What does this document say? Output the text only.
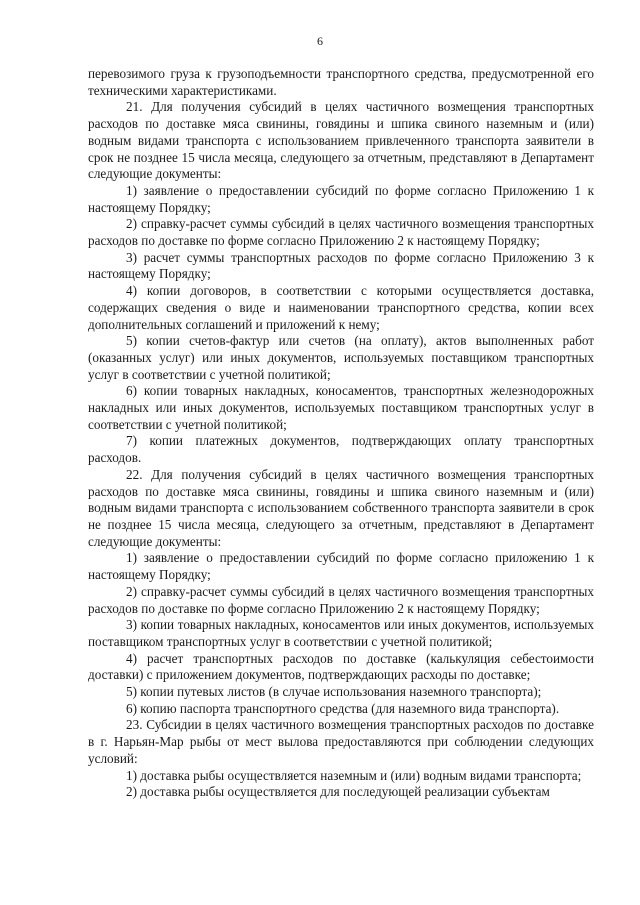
6

перевозимого груза к грузоподъемности транспортного средства, предусмотренной его техническими характеристиками.

21. Для получения субсидий в целях частичного возмещения транспортных расходов по доставке мяса свинины, говядины и шпика свиного наземным и (или) водным видами транспорта с использованием привлеченного транспорта заявители в срок не позднее 15 числа месяца, следующего за отчетным, представляют в Департамент следующие документы:

1) заявление о предоставлении субсидий по форме согласно Приложению 1 к настоящему Порядку;

2) справку-расчет суммы субсидий в целях частичного возмещения транспортных расходов по доставке по форме согласно Приложению 2 к настоящему Порядку;

3) расчет суммы транспортных расходов по форме согласно Приложению 3 к настоящему Порядку;

4) копии договоров, в соответствии с которыми осуществляется доставка, содержащих сведения о виде и наименовании транспортного средства, копии всех дополнительных соглашений и приложений к нему;

5) копии счетов-фактур или счетов (на оплату), актов выполненных работ (оказанных услуг) или иных документов, используемых поставщиком транспортных услуг в соответствии с учетной политикой;

6) копии товарных накладных, коносаментов, транспортных железнодорожных накладных или иных документов, используемых поставщиком транспортных услуг в соответствии с учетной политикой;

7) копии платежных документов, подтверждающих оплату транспортных расходов.

22. Для получения субсидий в целях частичного возмещения транспортных расходов по доставке мяса свинины, говядины и шпика свиного наземным и (или) водным видами транспорта с использованием собственного транспорта заявители в срок не позднее 15 числа месяца, следующего за отчетным, представляют в Департамент следующие документы:

1) заявление о предоставлении субсидий по форме согласно приложению 1 к настоящему Порядку;

2) справку-расчет суммы субсидий в целях частичного возмещения транспортных расходов по доставке по форме согласно Приложению 2 к настоящему Порядку;

3) копии товарных накладных, коносаментов или иных документов, используемых поставщиком транспортных услуг в соответствии с учетной политикой;

4) расчет транспортных расходов по доставке (калькуляция себестоимости доставки) с приложением документов, подтверждающих расходы по доставке;

5) копии путевых листов (в случае использования наземного транспорта);

6) копию паспорта транспортного средства (для наземного вида транспорта).

23. Субсидии в целях частичного возмещения транспортных расходов по доставке в г. Нарьян-Мар рыбы от мест вылова предоставляются при соблюдении следующих условий:

1) доставка рыбы осуществляется наземным и (или) водным видами транспорта;

2) доставка рыбы осуществляется для последующей реализации субъектам
